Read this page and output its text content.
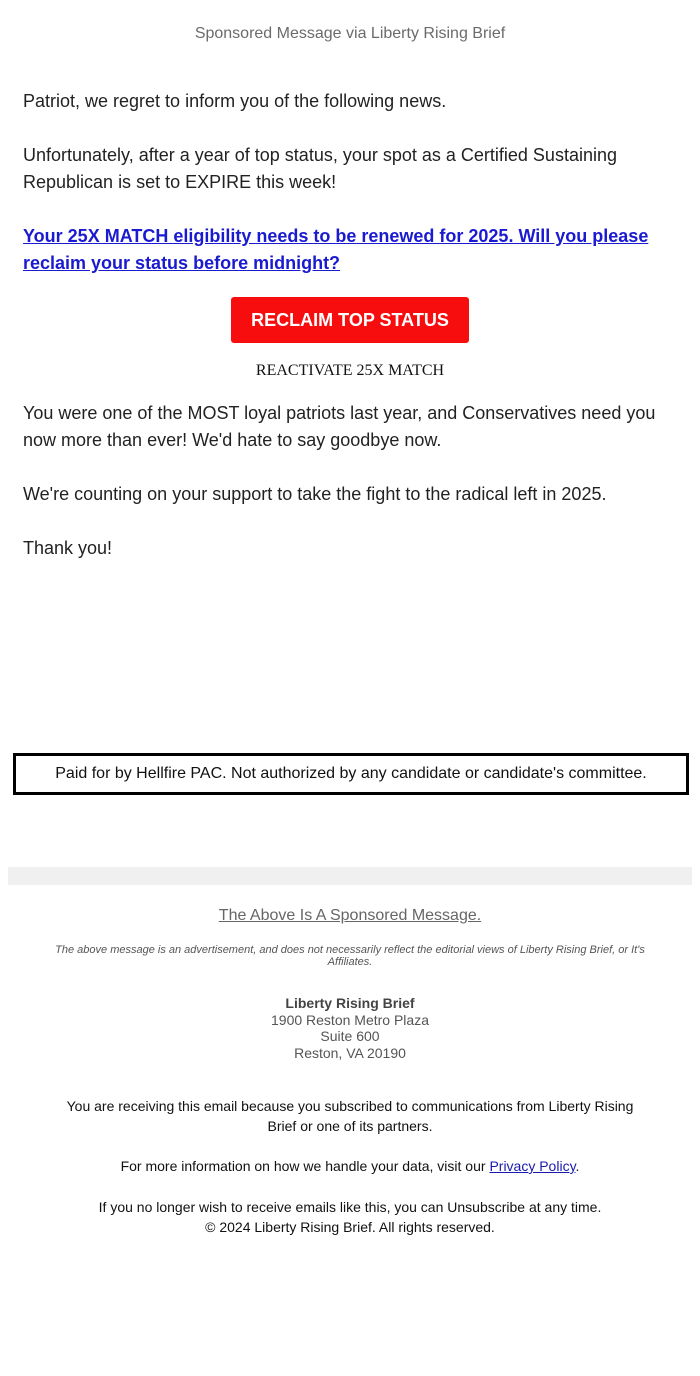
Sponsored Message via Liberty Rising Brief

Patriot, we regret to inform you of the following news.

Unfortunately, after a year of top status, your spot as a Certified Sustaining Republican is set to EXPIRE this week!

Your 25X MATCH eligibility needs to be renewed for 2025. Will you please reclaim your status before midnight?

RECLAIM TOP STATUS
REACTIVATE 25X MATCH

You were one of the MOST loyal patriots last year, and Conservatives need you now more than ever! We'd hate to say goodbye now.

We're counting on your support to take the fight to the radical left in 2025.

Thank you!

Paid for by Hellfire PAC. Not authorized by any candidate or candidate's committee.
The Above Is A Sponsored Message.
The above message is an advertisement, and does not necessarily reflect the editorial views of Liberty Rising Brief, or It's Affiliates.
Liberty Rising Brief
1900 Reston Metro Plaza
Suite 600
Reston, VA 20190

You are receiving this email because you subscribed to communications from Liberty Rising Brief or one of its partners.

For more information on how we handle your data, visit our Privacy Policy.

If you no longer wish to receive emails like this, you can Unsubscribe at any time.
© 2024 Liberty Rising Brief. All rights reserved.
